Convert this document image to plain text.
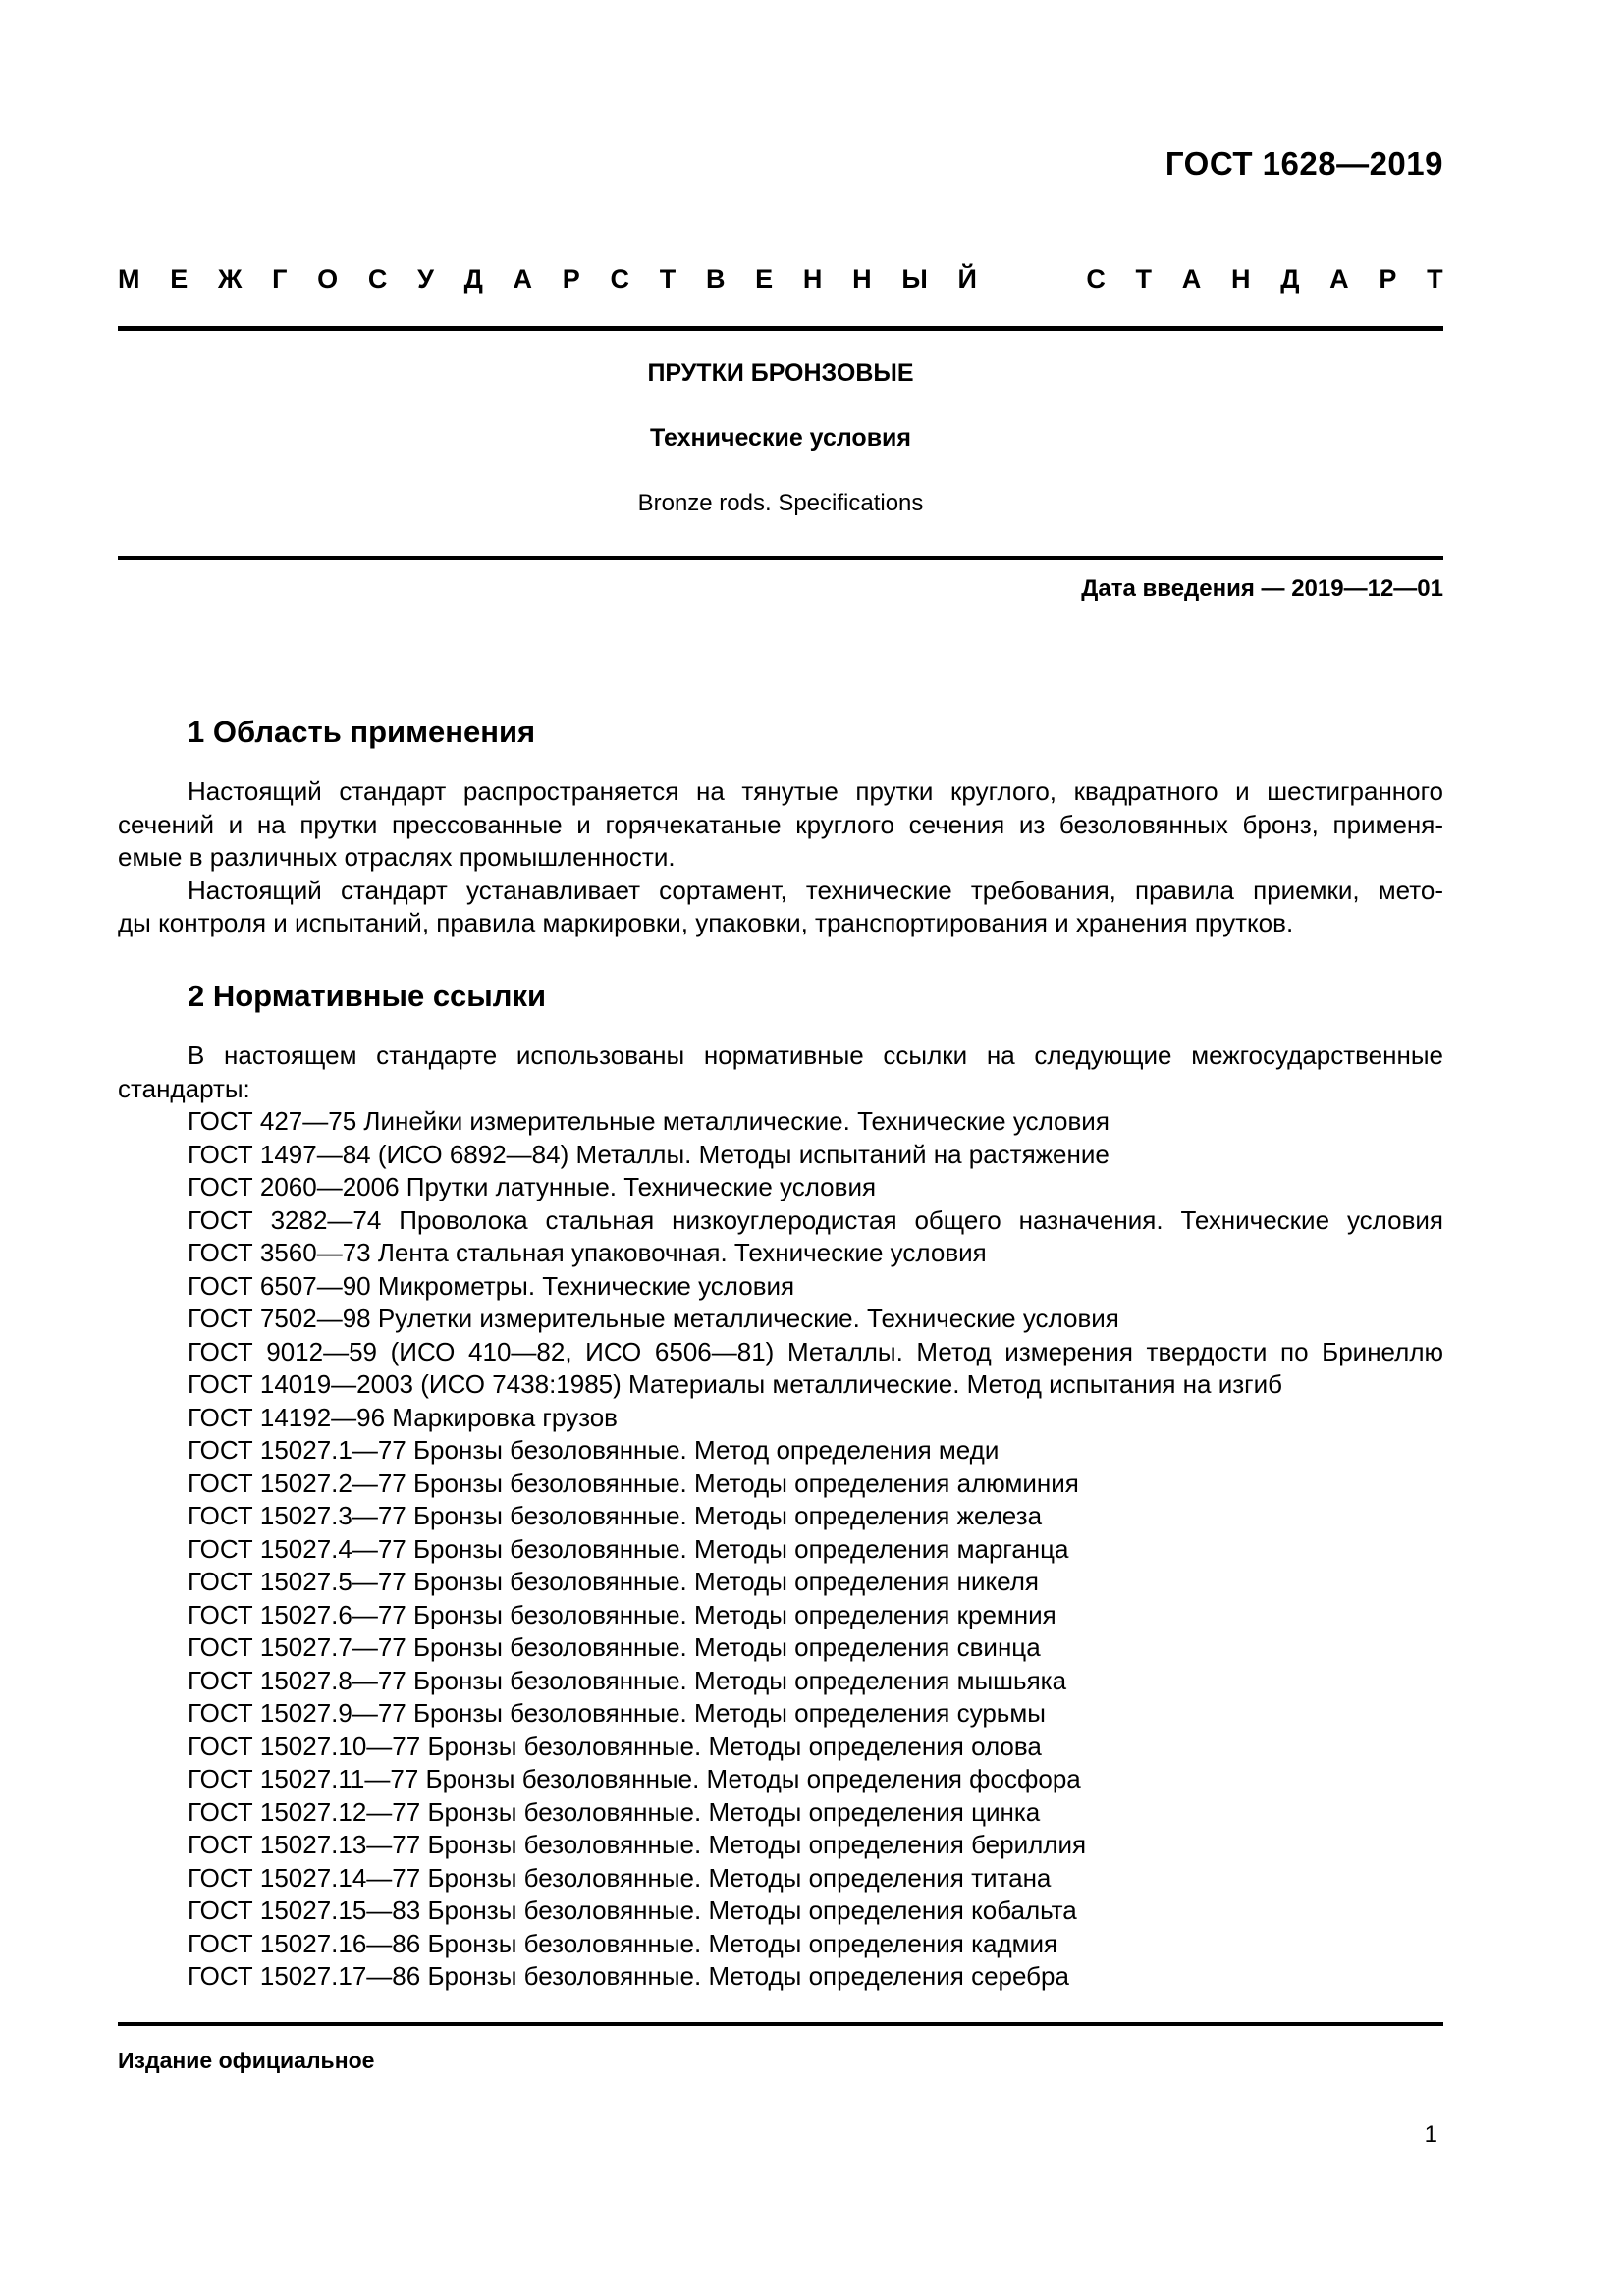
ГОСТ 1628—2019
М Е Ж Г О С У Д А Р С Т В Е Н Н Ы Й	С Т А Н Д А Р Т
ПРУТКИ БРОНЗОВЫЕ
Технические условия
Bronze rods. Specifications
Дата введения — 2019—12—01
1 Область применения
Настоящий стандарт распространяется на тянутые прутки круглого, квадратного и шестигранного
сечений и на прутки прессованные и горячекатаные круглого сечения из безоловянных бронз, применя-
емые в различных отраслях промышленности.
Настоящий стандарт устанавливает сортамент, технические требования, правила приемки, мето-
ды контроля и испытаний, правила маркировки, упаковки, транспортирования и хранения прутков.
2 Нормативные ссылки
В настоящем стандарте использованы нормативные ссылки на следующие межгосударственные
стандарты:
ГОСТ 427—75 Линейки измерительные металлические. Технические условия
ГОСТ 1497—84 (ИСО 6892—84) Металлы. Методы испытаний на растяжение
ГОСТ 2060—2006 Прутки латунные. Технические условия
ГОСТ 3282—74 Проволока стальная низкоуглеродистая общего назначения. Технические условия
ГОСТ 3560—73 Лента стальная упаковочная. Технические условия
ГОСТ 6507—90 Микрометры. Технические условия
ГОСТ 7502—98 Рулетки измерительные металлические. Технические условия
ГОСТ 9012—59 (ИСО 410—82, ИСО 6506—81) Металлы. Метод измерения твердости по Бринеллю
ГОСТ 14019—2003 (ИСО 7438:1985) Материалы металлические. Метод испытания на изгиб
ГОСТ 14192—96 Маркировка грузов
ГОСТ 15027.1—77 Бронзы безоловянные. Метод определения меди
ГОСТ 15027.2—77 Бронзы безоловянные. Методы определения алюминия
ГОСТ 15027.3—77 Бронзы безоловянные. Методы определения железа
ГОСТ 15027.4—77 Бронзы безоловянные. Методы определения марганца
ГОСТ 15027.5—77 Бронзы безоловянные. Методы определения никеля
ГОСТ 15027.6—77 Бронзы безоловянные. Методы определения кремния
ГОСТ 15027.7—77 Бронзы безоловянные. Методы определения свинца
ГОСТ 15027.8—77 Бронзы безоловянные. Методы определения мышьяка
ГОСТ 15027.9—77 Бронзы безоловянные. Методы определения сурьмы
ГОСТ 15027.10—77 Бронзы безоловянные. Методы определения олова
ГОСТ 15027.11—77 Бронзы безоловянные. Методы определения фосфора
ГОСТ 15027.12—77 Бронзы безоловянные. Методы определения цинка
ГОСТ 15027.13—77 Бронзы безоловянные. Методы определения бериллия
ГОСТ 15027.14—77 Бронзы безоловянные. Методы определения титана
ГОСТ 15027.15—83 Бронзы безоловянные. Методы определения кобальта
ГОСТ 15027.16—86 Бронзы безоловянные. Методы определения кадмия
ГОСТ 15027.17—86 Бронзы безоловянные. Методы определения серебра
Издание официальное
1
